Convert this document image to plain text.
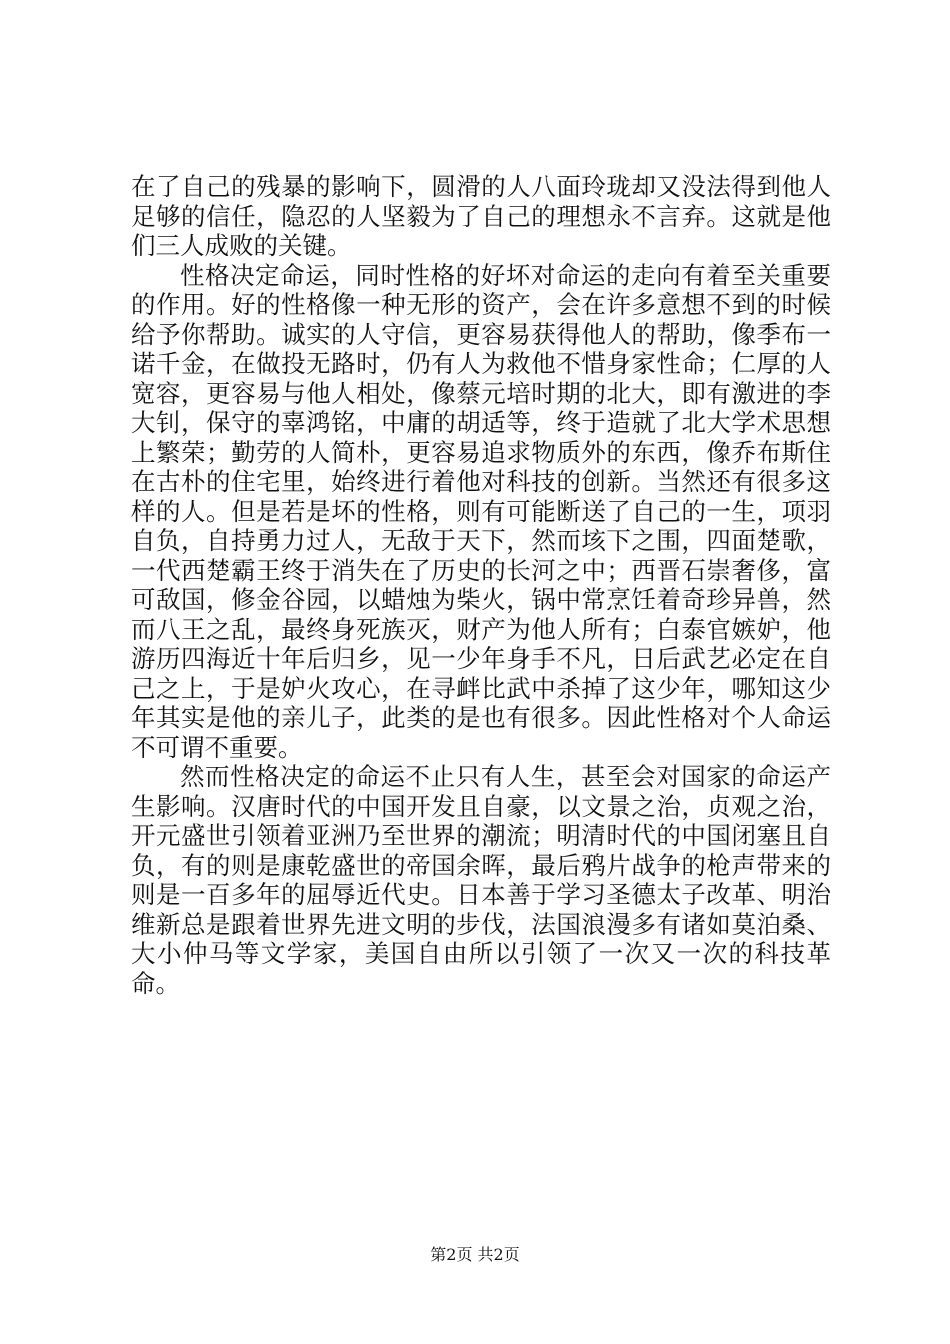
在了自己的残暴的影响下，圆滑的人八面玲珑却又没法得到他人足够的信任，隐忍的人坚毅为了自己的理想永不言弃。这就是他们三人成败的关键。

性格决定命运，同时性格的好坏对命运的走向有着至关重要的作用。好的性格像一种无形的资产，会在许多意想不到的时候给予你帮助。诚实的人守信，更容易获得他人的帮助，像季布一诺千金，在做投无路时，仍有人为救他不惜身家性命；仁厚的人宽容，更容易与他人相处，像蔡元培时期的北大，即有激进的李大钊，保守的辜鸿铭，中庸的胡适等，终于造就了北大学术思想上繁荣；勤劳的人简朴，更容易追求物质外的东西，像乔布斯住在古朴的住宅里，始终进行着他对科技的创新。当然还有很多这样的人。但是若是坏的性格，则有可能断送了自己的一生，项羽自负，自持勇力过人，无敌于天下，然而垓下之围，四面楚歌，一代西楚霸王终于消失在了历史的长河之中；西晋石崇奢侈，富可敌国，修金谷园，以蜡烛为柴火，锅中常烹饪着奇珍异兽，然而八王之乱，最终身死族灭，财产为他人所有；白泰官嫉妒，他游历四海近十年后归乡，见一少年身手不凡，日后武艺必定在自己之上，于是妒火攻心，在寻衅比武中杀掉了这少年，哪知这少年其实是他的亲儿子，此类的是也有很多。因此性格对个人命运不可谓不重要。

然而性格决定的命运不止只有人生，甚至会对国家的命运产生影响。汉唐时代的中国开发且自豪，以文景之治，贞观之治，开元盛世引领着亚洲乃至世界的潮流；明清时代的中国闭塞且自负，有的则是康乾盛世的帝国余晖，最后鸦片战争的枪声带来的则是一百多年的屈辱近代史。日本善于学习圣德太子改革、明治维新总是跟着世界先进文明的步伐，法国浪漫多有诸如莫泊桑、大小仲马等文学家，美国自由所以引领了一次又一次的科技革命。

第2页 共2页
